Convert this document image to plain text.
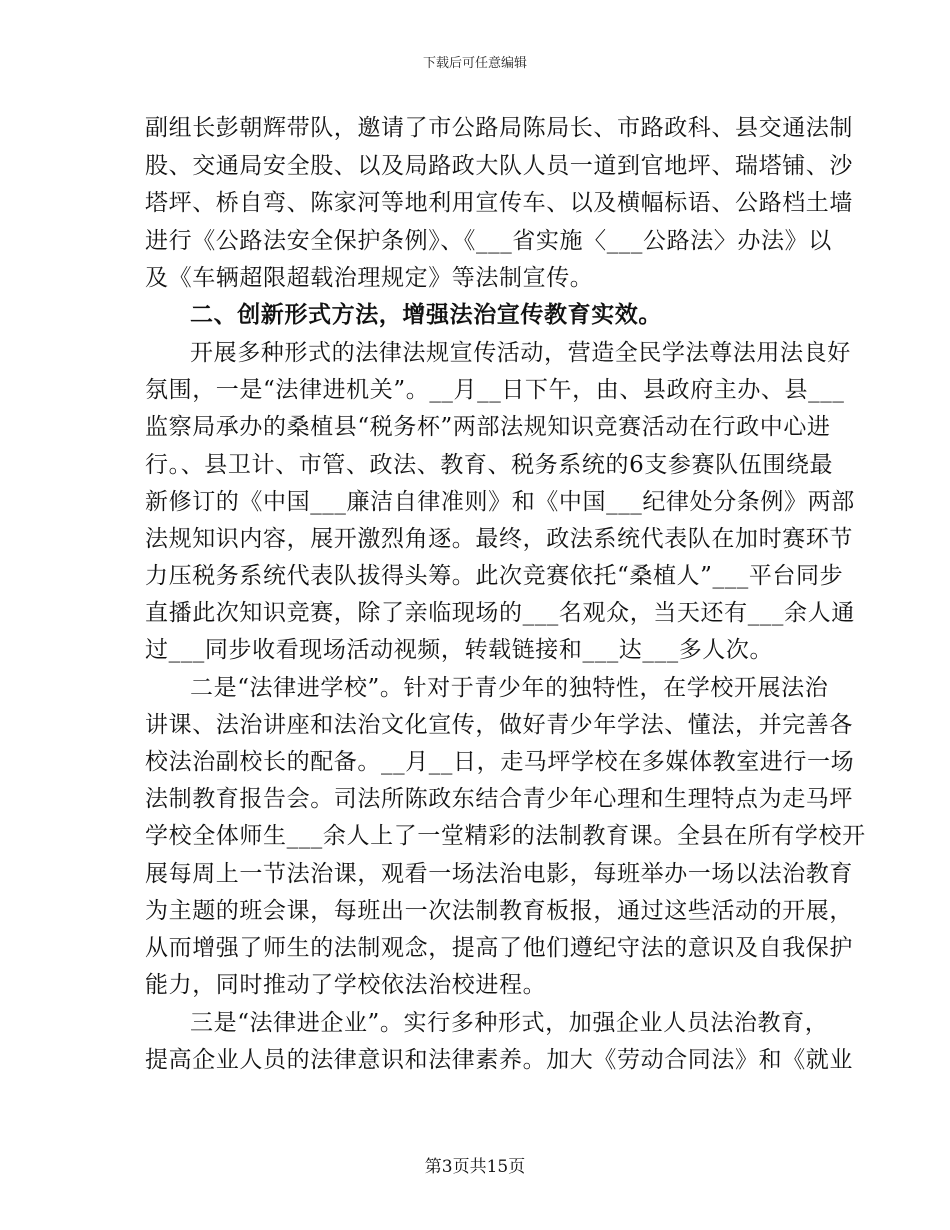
下载后可任意编辑
副组长彭朝辉带队，邀请了市公路局陈局长、市路政科、县交通法制
股、交通局安全股、以及局路政大队人员一道到官地坪、瑞塔铺、沙
塔坪、桥自弯、陈家河等地利用宣传车、以及横幅标语、公路档土墙
进行《公路法安全保护条例》、《___省实施〈___公路法〉办法》以
及《车辆超限超载治理规定》等法制宣传。
二、创新形式方法，增强法治宣传教育实效。
开展多种形式的法律法规宣传活动，营造全民学法尊法用法良好
氛围，一是“法律进机关”。__月__日下午，由、县政府主办、县___
监察局承办的桑植县“税务杯”两部法规知识竞赛活动在行政中心进
行。、县卫计、市管、政法、教育、税务系统的6支参赛队伍围绕最
新修订的《中国___廉洁自律准则》和《中国___纪律处分条例》两部
法规知识内容，展开激烈角逐。最终，政法系统代表队在加时赛环节
力压税务系统代表队拔得头筹。此次竞赛依托“桑植人”___平台同步
直播此次知识竞赛，除了亲临现场的___名观众，当天还有___余人通
过___同步收看现场活动视频，转载链接和___达___多人次。
二是“法律进学校”。针对于青少年的独特性，在学校开展法治
讲课、法治讲座和法治文化宣传，做好青少年学法、懂法，并完善各
校法治副校长的配备。__月__日，走马坪学校在多媒体教室进行一场
法制教育报告会。司法所陈政东结合青少年心理和生理特点为走马坪
学校全体师生___余人上了一堂精彩的法制教育课。全县在所有学校开
展每周上一节法治课，观看一场法治电影，每班举办一场以法治教育
为主题的班会课，每班出一次法制教育板报，通过这些活动的开展，
从而增强了师生的法制观念，提高了他们遵纪守法的意识及自我保护
能力，同时推动了学校依法治校进程。
三是“法律进企业”。实行多种形式，加强企业人员法治教育，
提高企业人员的法律意识和法律素养。加大《劳动合同法》和《就业
第3页共15页
